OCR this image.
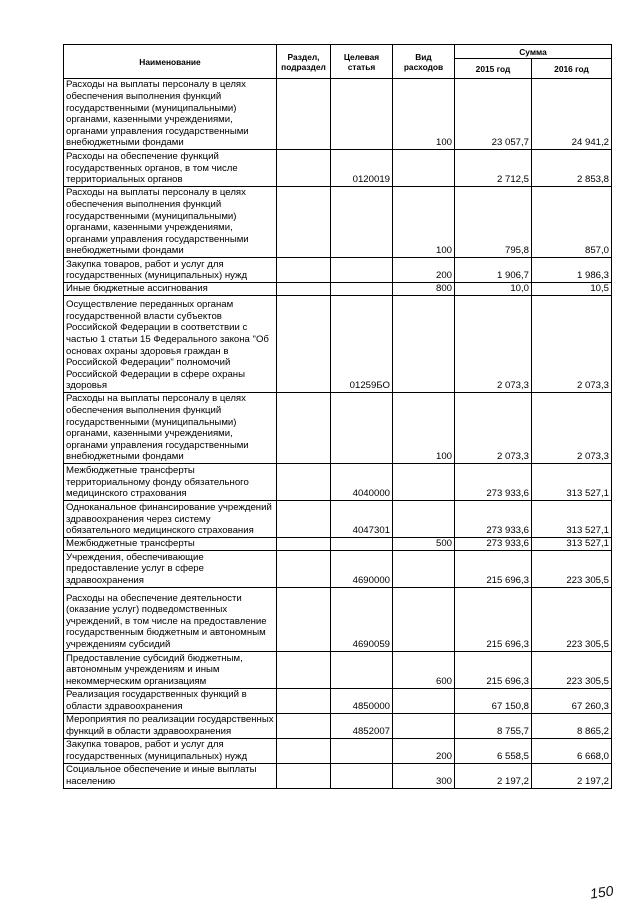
Наименование	Раздел, подраздел	Целевая статья	Вид расходов	Сумма	
				2015 год	2016 год
Расходы на выплаты персоналу в целях обеспечения выполнения функций государственными (муниципальными) органами, казенными учреждениями, органами управления государственными внебюджетными фондами			100	23 057,7	24 941,2
Расходы на обеспечение функций государственных органов, в том числе территориальных органов		0120019		2 712,5	2 853,8
Расходы на выплаты персоналу в целях обеспечения выполнения функций государственными (муниципальными) органами, казенными учреждениями, органами управления государственными внебюджетными фондами			100	795,8	857,0
Закупка товаров, работ и услуг для государственных (муниципальных) нужд			200	1 906,7	1 986,3
Иные бюджетные ассигнования			800	10,0	10,5
Осуществление переданных органам государственной власти субъектов Российской Федерации в соответствии с частью 1 статьи 15 Федерального закона "Об основах охраны здоровья граждан в Российской Федерации" полномочий Российской Федерации в сфере охраны здоровья		01259БО		2 073,3	2 073,3
Расходы на выплаты персоналу в целях обеспечения выполнения функций государственными (муниципальными) органами, казенными учреждениями, органами управления государственными внебюджетными фондами			100	2 073,3	2 073,3
Межбюджетные трансферты территориальному фонду обязательного медицинского страхования		4040000		273 933,6	313 527,1
Одноканальное финансирование учреждений здравоохранения через систему обязательного медицинского страхования		4047301		273 933,6	313 527,1
Межбюджетные трансферты			500	273 933,6	313 527,1
Учреждения, обеспечивающие предоставление услуг в сфере здравоохранения		4690000		215 696,3	223 305,5
Расходы на обеспечение деятельности (оказание услуг) подведомственных учреждений, в том числе на предоставление государственным бюджетным и автономным учреждениям субсидий		4690059		215 696,3	223 305,5
Предоставление субсидий бюджетным, автономным учреждениям и иным некоммерческим организациям			600	215 696,3	223 305,5
Реализация государственных функций в области здравоохранения		4850000		67 150,8	67 260,3
Мероприятия по реализации государственных функций в области здравоохранения		4852007		8 755,7	8 865,2
Закупка товаров, работ и услуг для государственных (муниципальных) нужд			200	6 558,5	6 668,0
Социальное обеспечение и иные выплаты населению			300	2 197,2	2 197,2
150
